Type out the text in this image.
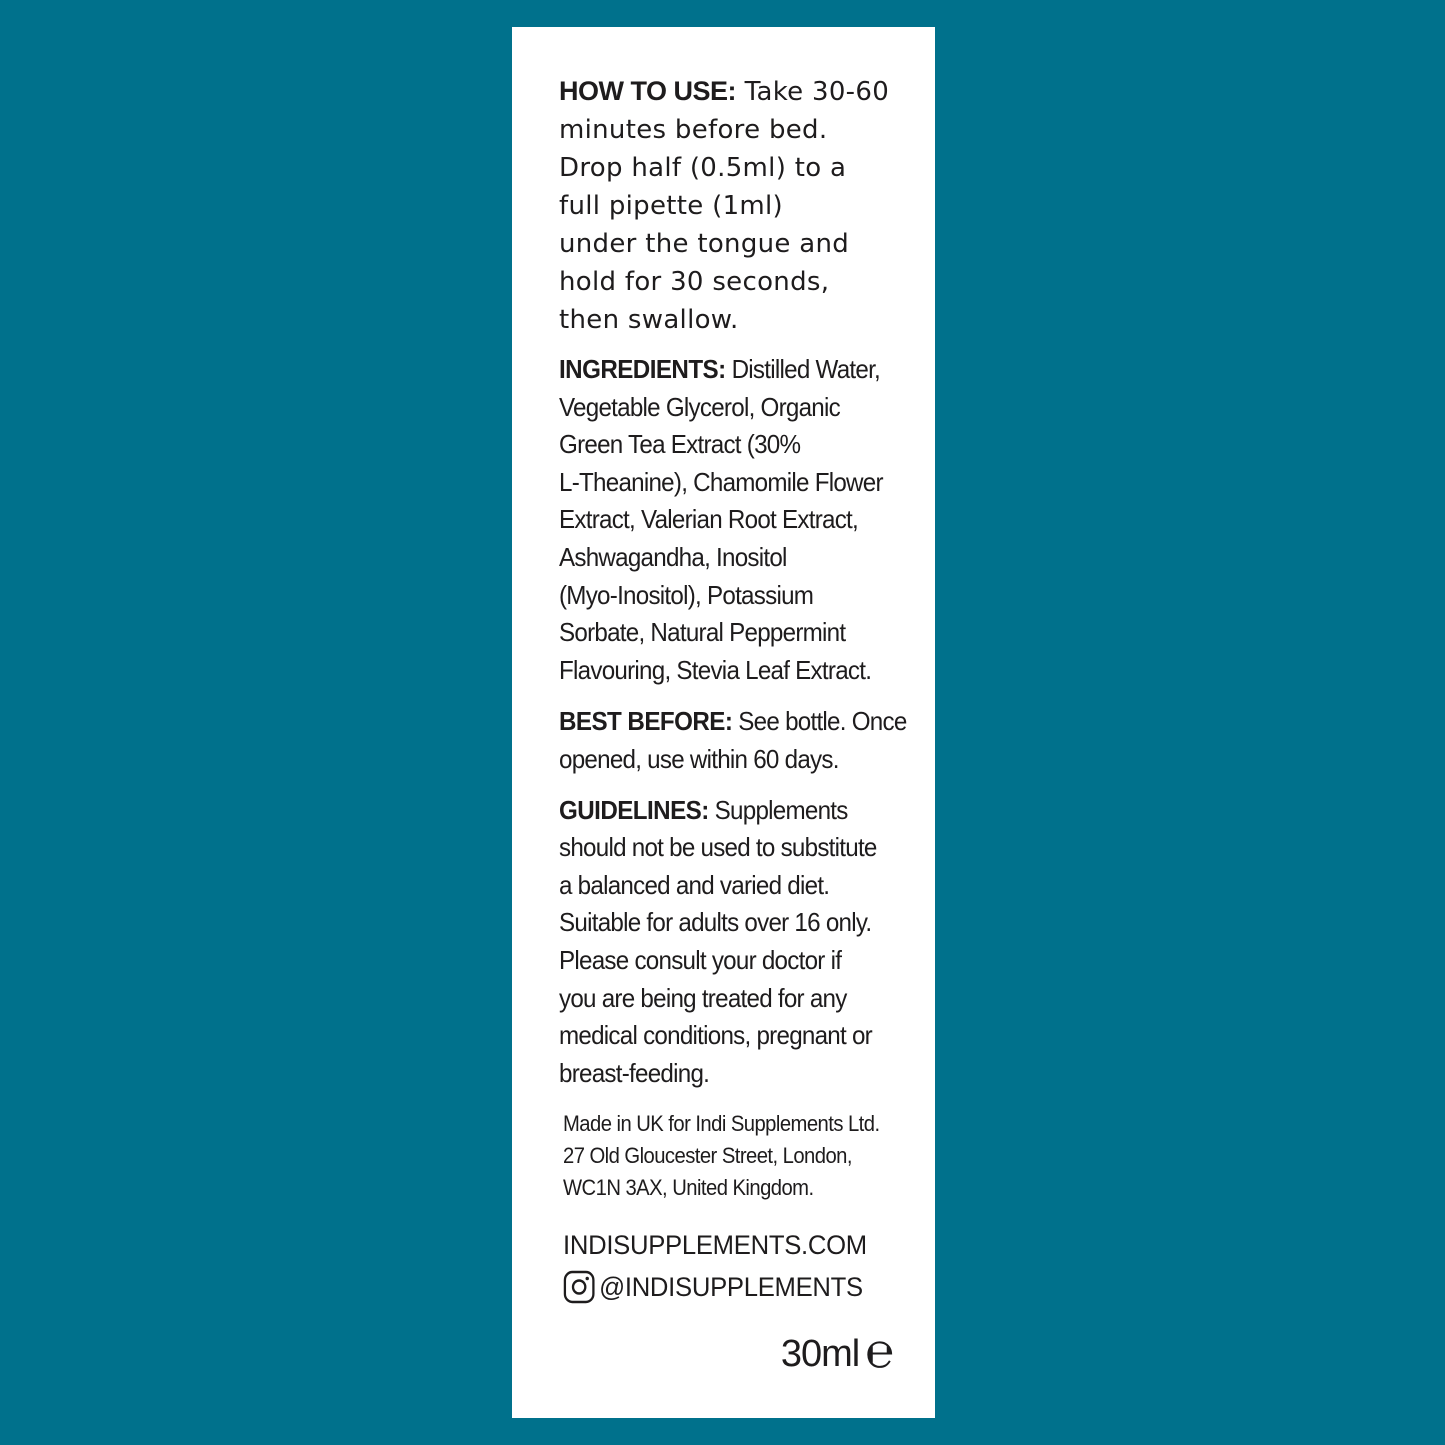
HOW TO USE: Take 30-60
minutes before bed.
Drop half (0.5ml) to a
full pipette (1ml)
under the tongue and
hold for 30 seconds,
then swallow.

INGREDIENTS: Distilled Water,
Vegetable Glycerol, Organic
Green Tea Extract (30%
L-Theanine), Chamomile Flower
Extract, Valerian Root Extract,
Ashwagandha, Inositol
(Myo-Inositol), Potassium
Sorbate, Natural Peppermint
Flavouring, Stevia Leaf Extract.

BEST BEFORE: See bottle. Once
opened, use within 60 days.

GUIDELINES: Supplements
should not be used to substitute
a balanced and varied diet.
Suitable for adults over 16 only.
Please consult your doctor if
you are being treated for any
medical conditions, pregnant or
breast-feeding.

Made in UK for Indi Supplements Ltd.
27 Old Gloucester Street, London,
WC1N 3AX, United Kingdom.

INDISUPPLEMENTS.COM
@INDISUPPLEMENTS
30ml ℮
